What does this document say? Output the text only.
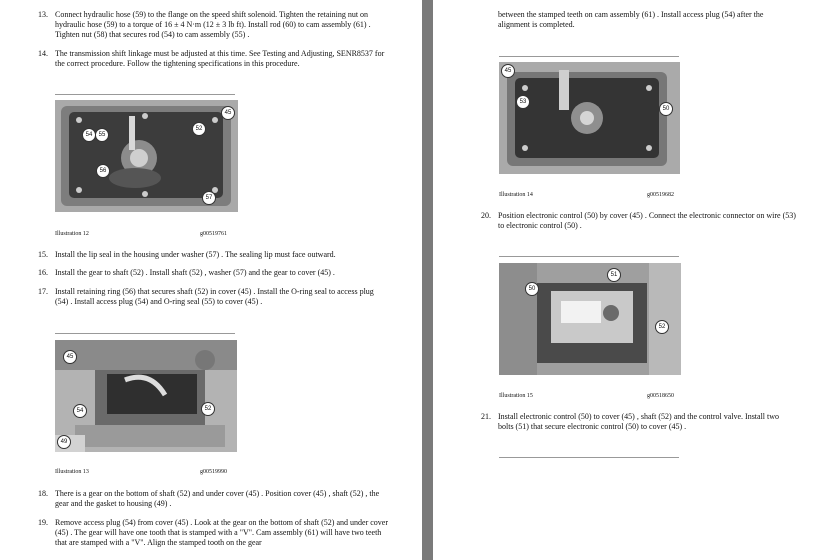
13. Connect hydraulic hose (59) to the flange on the speed shift solenoid. Tighten the retaining nut on hydraulic hose (59) to a torque of 16 ± 4 N·m (12 ± 3 lb ft). Install rod (60) to cam assembly (61) . Tighten nut (58) that secures rod (54) to cam assembly (55) .
14. The transmission shift linkage must be adjusted at this time. See Testing and Adjusting, SENR8537 for the correct procedure. Follow the tightening specifications in this procedure.
54	55
52
45
56
57
Illustration 12	g00519761
15. Install the lip seal in the housing under washer (57) . The sealing lip must face outward.
16. Install the gear to shaft (52) . Install shaft (52) , washer (57) and the gear to cover (45) .
17. Install retaining ring (56) that secures shaft (52) in cover (45) . Install the O-ring seal to access plug (54) . Install access plug (54) and O-ring seal (55) to cover (45) .
45
54	52
49
Illustration 13	g00519990
18. There is a gear on the bottom of shaft (52) and under cover (45) . Position cover (45) , shaft (52) , the gear and the gasket to housing (49) .
19. Remove access plug (54) from cover (45) . Look at the gear on the bottom of shaft (52) and under cover (45) . The gear will have one tooth that is stamped with a "V". Cam assembly (61) will have two teeth that are stamped with a "V". Align the stamped tooth on the gear
between the stamped teeth on cam assembly (61) . Install access plug (54) after the alignment is completed.
45
53
50
Illustration 14	g00519682
20. Position electronic control (50) by cover (45) . Connect the electronic connector on wire (53) to electronic control (50) .
51
50
52
Illustration 15	g00518650
21. Install electronic control (50) to cover (45) , shaft (52) and the control valve. Install two bolts (51) that secure electronic control (50) to cover (45) .
